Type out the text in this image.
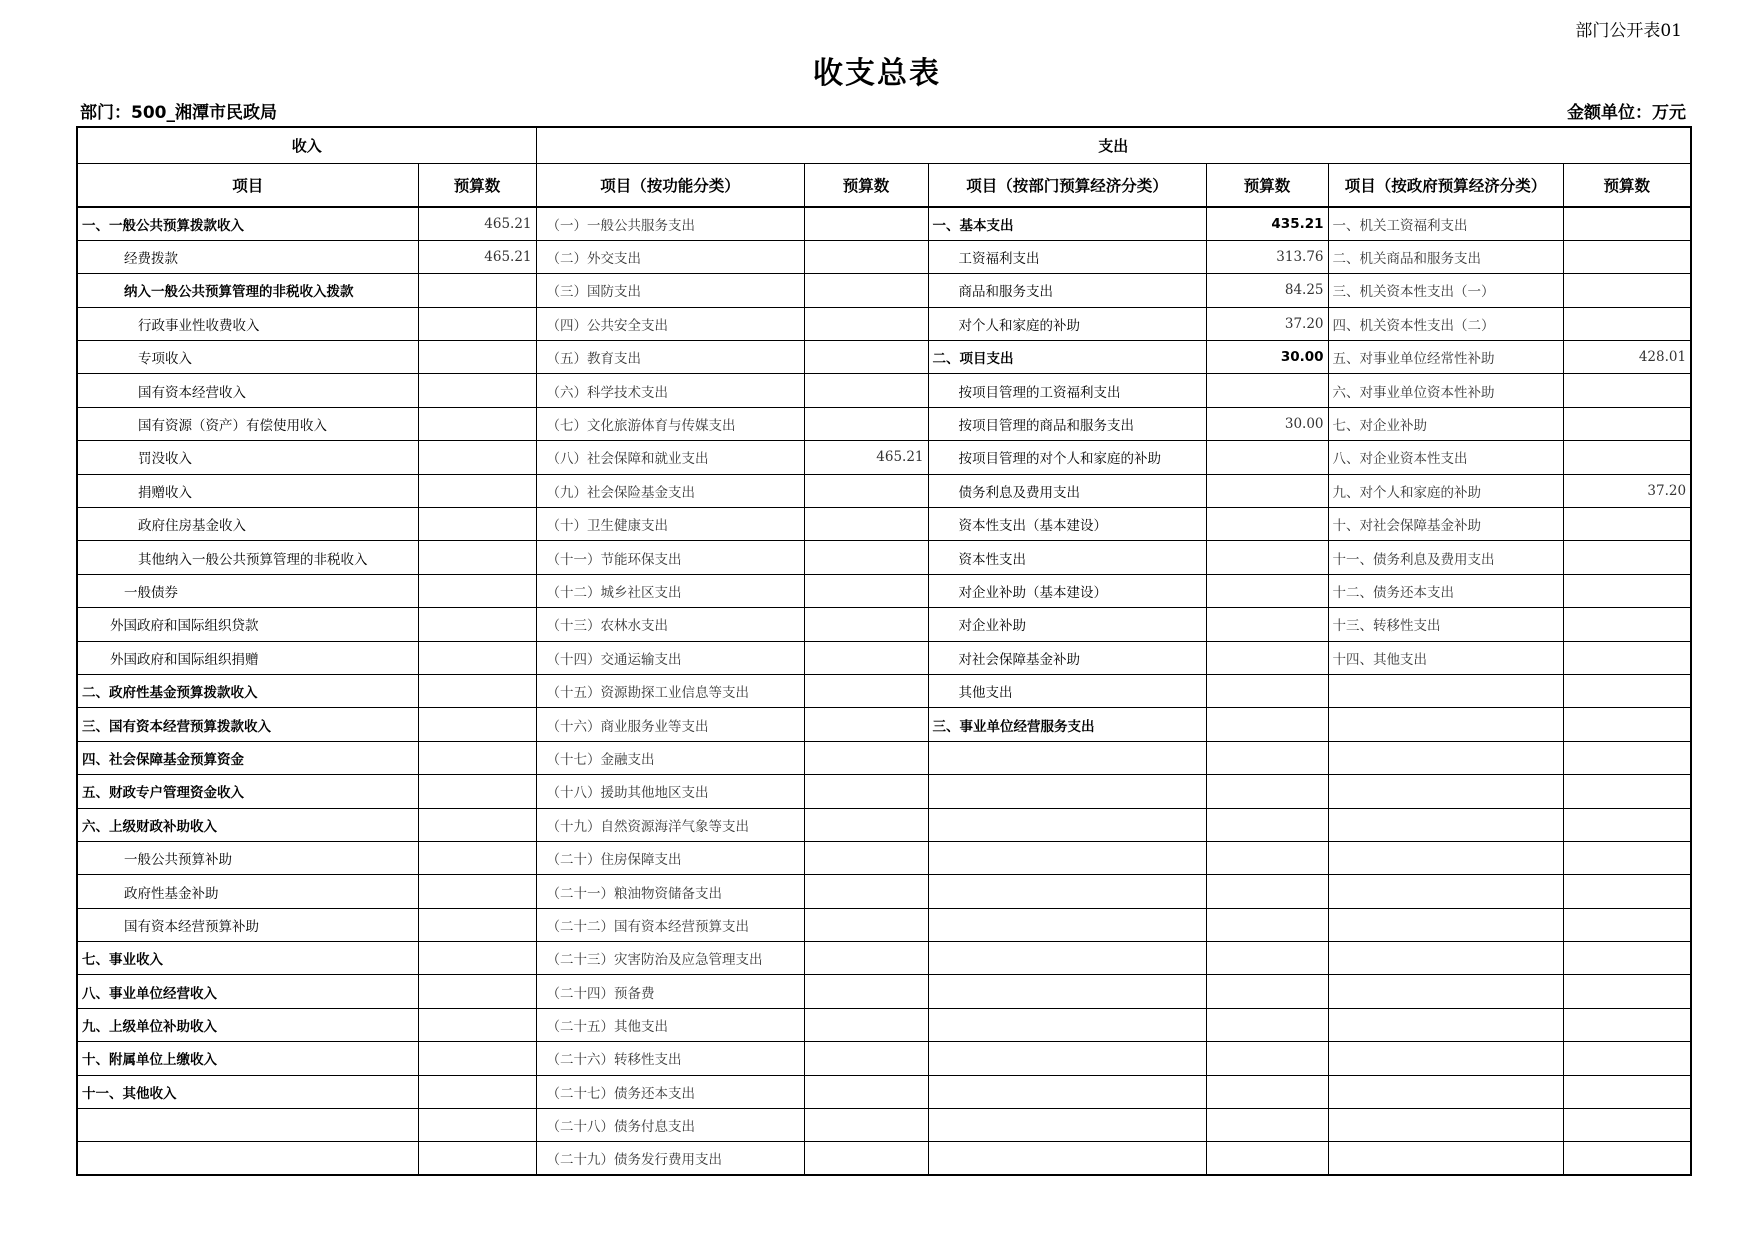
部门公开表01
收支总表
部门：500_湘潭市民政局	金额单位：万元
收入		支出					
项目	预算数	项目（按功能分类）	预算数	项目（按部门预算经济分类）	预算数	项目（按政府预算经济分类）	预算数
一、一般公共预算拨款收入	465.21	（一）一般公共服务支出		一、基本支出	435.21	一、机关工资福利支出	
经费拨款	465.21	（二）外交支出		工资福利支出	313.76	二、机关商品和服务支出	
纳入一般公共预算管理的非税收入拨款		（三）国防支出		商品和服务支出	84.25	三、机关资本性支出（一）	
行政事业性收费收入		（四）公共安全支出		对个人和家庭的补助	37.20	四、机关资本性支出（二）	
专项收入		（五）教育支出		二、项目支出	30.00	五、对事业单位经常性补助	428.01
国有资本经营收入		（六）科学技术支出		按项目管理的工资福利支出		六、对事业单位资本性补助	
国有资源（资产）有偿使用收入		（七）文化旅游体育与传媒支出		按项目管理的商品和服务支出	30.00	七、对企业补助	
罚没收入		（八）社会保障和就业支出	465.21	按项目管理的对个人和家庭的补助		八、对企业资本性支出	
捐赠收入		（九）社会保险基金支出		债务利息及费用支出		九、对个人和家庭的补助	37.20
政府住房基金收入		（十）卫生健康支出		资本性支出（基本建设）		十、对社会保障基金补助	
其他纳入一般公共预算管理的非税收入		（十一）节能环保支出		资本性支出		十一、债务利息及费用支出	
一般债券		（十二）城乡社区支出		对企业补助（基本建设）		十二、债务还本支出	
外国政府和国际组织贷款		（十三）农林水支出		对企业补助		十三、转移性支出	
外国政府和国际组织捐赠		（十四）交通运输支出		对社会保障基金补助		十四、其他支出	
二、政府性基金预算拨款收入		（十五）资源勘探工业信息等支出		其他支出			
三、国有资本经营预算拨款收入		（十六）商业服务业等支出		三、事业单位经营服务支出			
四、社会保障基金预算资金		（十七）金融支出					
五、财政专户管理资金收入		（十八）援助其他地区支出					
六、上级财政补助收入		（十九）自然资源海洋气象等支出					
一般公共预算补助		（二十）住房保障支出					
政府性基金补助		（二十一）粮油物资储备支出					
国有资本经营预算补助		（二十二）国有资本经营预算支出					
七、事业收入		（二十三）灾害防治及应急管理支出					
八、事业单位经营收入		（二十四）预备费					
九、上级单位补助收入		（二十五）其他支出					
十、附属单位上缴收入		（二十六）转移性支出					
十一、其他收入		（二十七）债务还本支出					
		（二十八）债务付息支出					
		（二十九）债务发行费用支出					
